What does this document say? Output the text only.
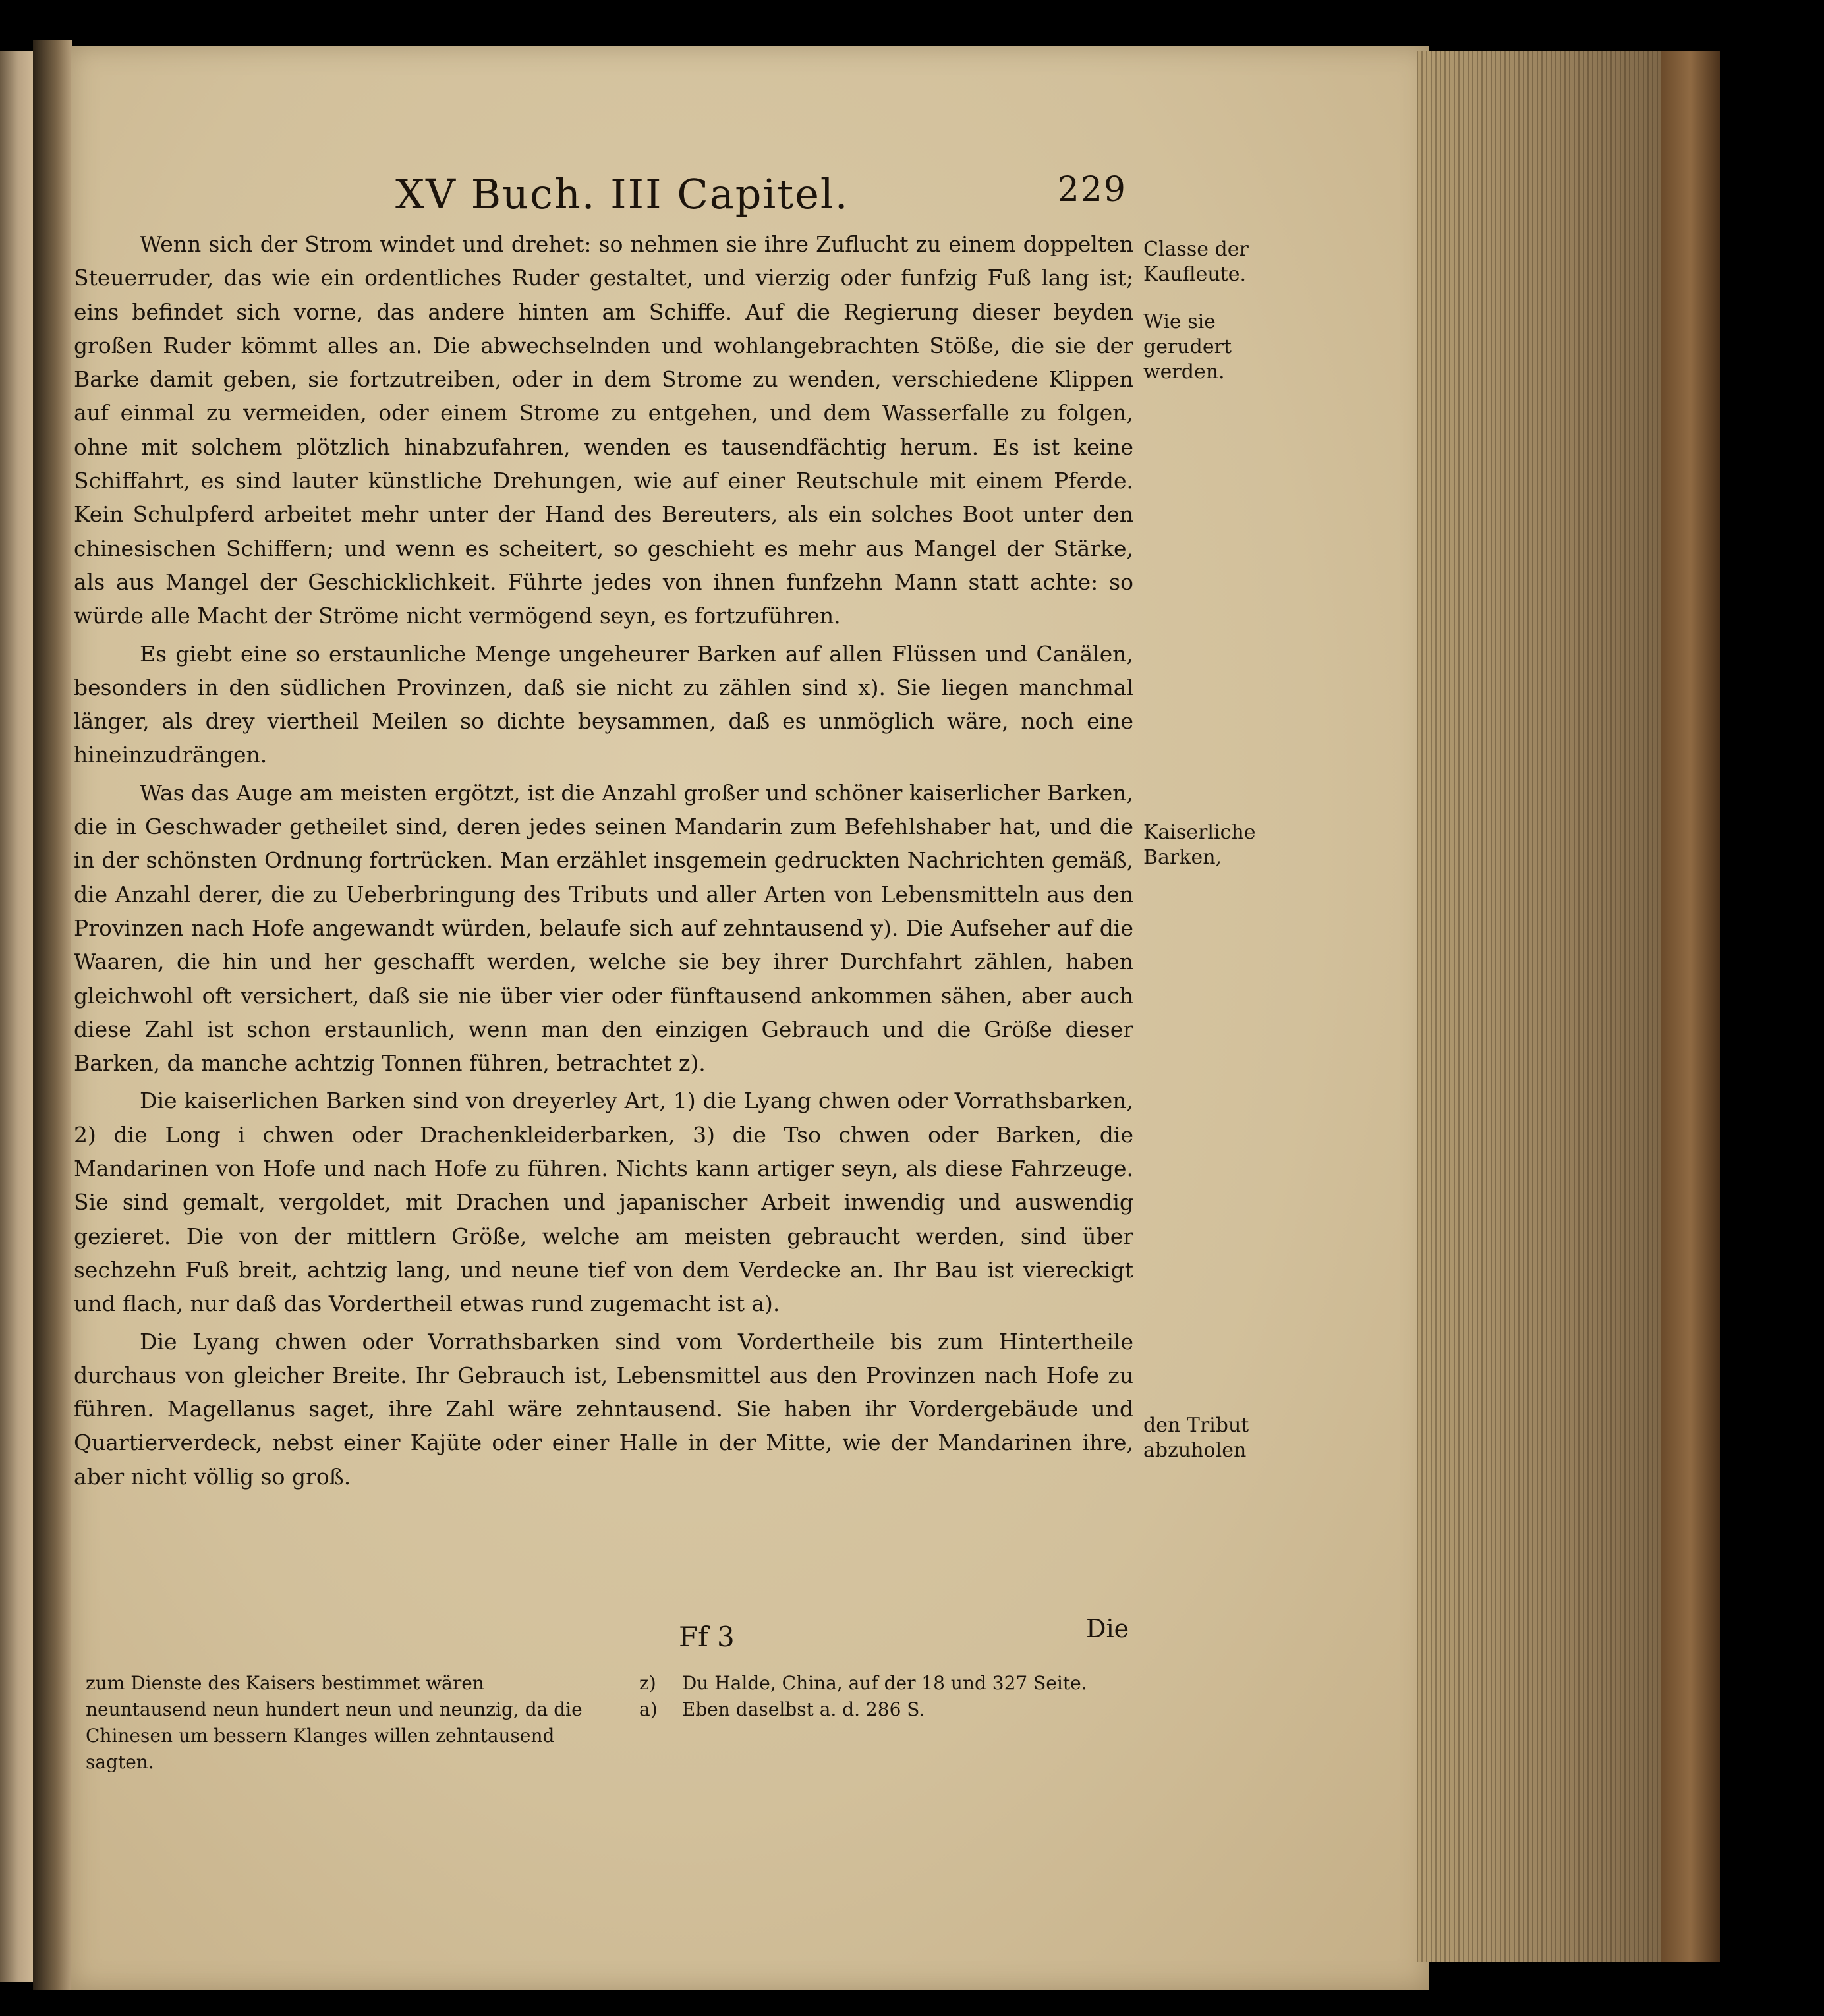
XV Buch. III Capitel.	229

Wenn sich der Strom windet und drehet: so nehmen sie ihre Zuflucht zu einem doppelten Steuerruder, das wie ein ordentliches Ruder gestaltet, und vierzig oder funfzig Fuß lang ist; eins befindet sich vorne, das andere hinten am Schiffe. Auf die Regierung dieser beyden großen Ruder kömmt alles an. Die abwechselnden und wohlangebrachten Stöße, die sie der Barke damit geben, sie fortzutreiben, oder in dem Strome zu wenden, verschiedene Klippen auf einmal zu vermeiden, oder einem Strome zu entgehen, und dem Wasserfalle zu folgen, ohne mit solchem plötzlich hinabzufahren, wenden es tausendfächtig herum. Es ist keine Schiffahrt, es sind lauter künstliche Drehungen, wie auf einer Reutschule mit einem Pferde. Kein Schulpferd arbeitet mehr unter der Hand des Bereuters, als ein solches Boot unter den chinesischen Schiffern; und wenn es scheitert, so geschieht es mehr aus Mangel der Stärke, als aus Mangel der Geschicklichkeit. Führte jedes von ihnen funfzehn Mann statt achte: so würde alle Macht der Ströme nicht vermögend seyn, es fortzuführen.

Es giebt eine so erstaunliche Menge ungeheurer Barken auf allen Flüssen und Canälen, besonders in den südlichen Provinzen, daß sie nicht zu zählen sind x). Sie liegen manchmal länger, als drey viertheil Meilen so dichte beysammen, daß es unmöglich wäre, noch eine hineinzudrängen.

Was das Auge am meisten ergötzt, ist die Anzahl großer und schöner kaiserlicher Barken, die in Geschwader getheilet sind, deren jedes seinen Mandarin zum Befehlshaber hat, und die in der schönsten Ordnung fortrücken. Man erzählet insgemein gedruckten Nachrichten gemäß, die Anzahl derer, die zu Ueberbringung des Tributs und aller Arten von Lebensmitteln aus den Provinzen nach Hofe angewandt würden, belaufe sich auf zehntausend y). Die Aufseher auf die Waaren, die hin und her geschafft werden, welche sie bey ihrer Durchfahrt zählen, haben gleichwohl oft versichert, daß sie nie über vier oder fünftausend ankommen sähen, aber auch diese Zahl ist schon erstaunlich, wenn man den einzigen Gebrauch und die Größe dieser Barken, da manche achtzig Tonnen führen, betrachtet z).

Die kaiserlichen Barken sind von dreyerley Art, 1) die Lyang chwen oder Vorrathsbarken, 2) die Long i chwen oder Drachenkleiderbarken, 3) die Tso chwen oder Barken, die Mandarinen von Hofe und nach Hofe zu führen. Nichts kann artiger seyn, als diese Fahrzeuge. Sie sind gemalt, vergoldet, mit Drachen und japanischer Arbeit inwendig und auswendig gezieret. Die von der mittlern Größe, welche am meisten gebraucht werden, sind über sechzehn Fuß breit, achtzig lang, und neune tief von dem Verdecke an. Ihr Bau ist viereckigt und flach, nur daß das Vordertheil etwas rund zugemacht ist a).

Die Lyang chwen oder Vorrathsbarken sind vom Vordertheile bis zum Hintertheile durchaus von gleicher Breite. Ihr Gebrauch ist, Lebensmittel aus den Provinzen nach Hofe zu führen. Magellanus saget, ihre Zahl wäre zehntausend. Sie haben ihr Vordergebäude und Quartierverdeck, nebst einer Kajüte oder einer Halle in der Mitte, wie der Mandarinen ihre, aber nicht völlig so groß.

Classe der Kaufleute.
Wie sie gerudert werden.
Kaiserliche Barken,
den Tribut abzuholen
Ff 3	Die

zum Dienste des Kaisers bestimmet wären neuntausend neun hundert neun und neunzig, da die Chinesen um bessern Klanges willen zehntausend sagten.

z) Du Halde, China, auf der 18 und 327 Seite.

a) Eben daselbst a. d. 286 S.
